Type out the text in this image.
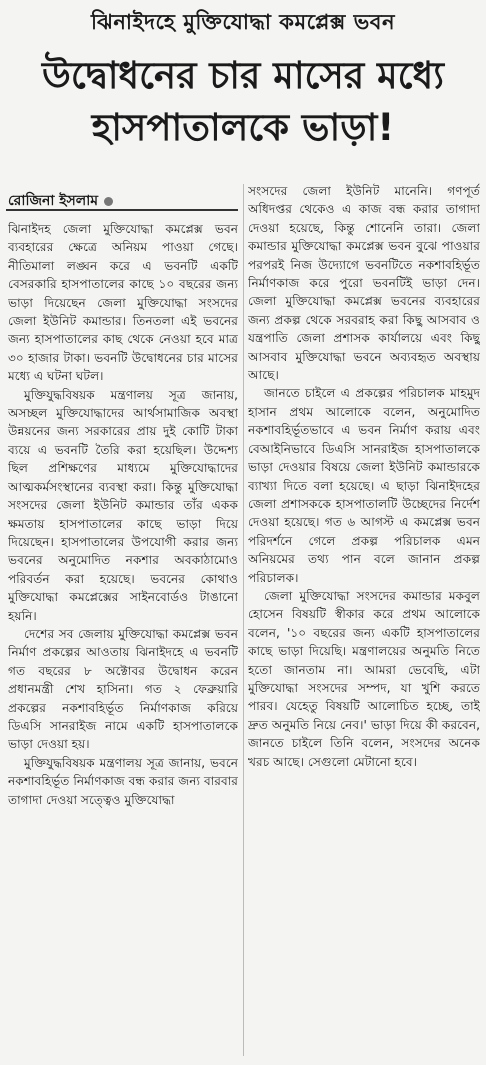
ঝিনাইদহে মুক্তিযোদ্ধা কমপ্লেক্স ভবন
উদ্বোধনের চার মাসের মধ্যে
হাসপাতালকে ভাড়া!
রোজিনা ইসলাম

ঝিনাইদহ জেলা মুক্তিযোদ্ধা কমপ্লেক্স ভবন ব্যবহারের ক্ষেত্রে অনিয়ম পাওয়া গেছে। নীতিমালা লঙ্ঘন করে এ ভবনটি একটি বেসরকারি হাসপাতালের কাছে ১০ বছরের জন্য ভাড়া দিয়েছেন জেলা মুক্তিযোদ্ধা সংসদের জেলা ইউনিট কমান্ডার। তিনতলা এই ভবনের জন্য হাসপাতালের কাছ থেকে নেওয়া হবে মাত্র ৩০ হাজার টাকা। ভবনটি উদ্বোধনের চার মাসের মধ্যে এ ঘটনা ঘটল।

মুক্তিযুদ্ধবিষয়ক মন্ত্রণালয় সূত্র জানায়, অসচ্ছল মুক্তিযোদ্ধাদের আর্থসামাজিক অবস্থা উন্নয়নের জন্য সরকারের প্রায় দুই কোটি টাকা ব্যয়ে এ ভবনটি তৈরি করা হয়েছিল। উদ্দেশ্য ছিল প্রশিক্ষণের মাধ্যমে মুক্তিযোদ্ধাদের আত্মকর্মসংস্থানের ব্যবস্থা করা। কিন্তু মুক্তিযোদ্ধা সংসদের জেলা ইউনিট কমান্ডার তাঁর একক ক্ষমতায় হাসপাতালের কাছে ভাড়া দিয়ে দিয়েছেন। হাসপাতালের উপযোগী করার জন্য ভবনের অনুমোদিত নকশার অবকাঠামোও পরিবর্তন করা হয়েছে। ভবনের কোথাও মুক্তিযোদ্ধা কমপ্লেক্সের সাইনবোর্ডও টাঙানো হয়নি।

দেশের সব জেলায় মুক্তিযোদ্ধা কমপ্লেক্স ভবন নির্মাণ প্রকল্পের আওতায় ঝিনাইদহে এ ভবনটি গত বছরের ৮ অক্টোবর উদ্বোধন করেন প্রধানমন্ত্রী শেখ হাসিনা। গত ২ ফেব্রুয়ারি প্রকল্পের নকশাবহির্ভূত নির্মাণকাজ করিয়ে ডিএসি সানরাইজ নামে একটি হাসপাতালকে ভাড়া দেওয়া হয়।

মুক্তিযুদ্ধবিষয়ক মন্ত্রণালয় সূত্র জানায়, ভবনে নকশাবহির্ভূত নির্মাণকাজ বন্ধ করার জন্য বারবার তাগাদা দেওয়া সত্ত্বেও মুক্তিযোদ্ধা

সংসদের জেলা ইউনিট মানেনি। গণপূর্ত অধিদপ্তর থেকেও এ কাজ বন্ধ করার তাগাদা দেওয়া হয়েছে, কিন্তু শোনেনি তারা। জেলা কমান্ডার মুক্তিযোদ্ধা কমপ্লেক্স ভবন বুঝে পাওয়ার পরপরই নিজ উদ্যোগে ভবনটিতে নকশাবহির্ভূত নির্মাণকাজ করে পুরো ভবনটিই ভাড়া দেন। জেলা মুক্তিযোদ্ধা কমপ্লেক্স ভবনের ব্যবহারের জন্য প্রকল্প থেকে সরবরাহ করা কিছু আসবাব ও যন্ত্রপাতি জেলা প্রশাসক কার্যালয়ে এবং কিছু আসবাব মুক্তিযোদ্ধা ভবনে অব্যবহৃত অবস্থায় আছে।

জানতে চাইলে এ প্রকল্পের পরিচালক মাহমুদ হাসান প্রথম আলোকে বলেন, অনুমোদিত নকশাবহির্ভূতভাবে এ ভবন নির্মাণ করায় এবং বেআইনিভাবে ডিএসি সানরাইজ হাসপাতালকে ভাড়া দেওয়ার বিষয়ে জেলা ইউনিট কমান্ডারকে ব্যাখ্যা দিতে বলা হয়েছে। এ ছাড়া ঝিনাইদহের জেলা প্রশাসককে হাসপাতালটি উচ্ছেদের নির্দেশ দেওয়া হয়েছে। গত ৬ আগস্ট এ কমপ্লেক্স ভবন পরিদর্শনে গেলে প্রকল্প পরিচালক এমন অনিয়মের তথ্য পান বলে জানান প্রকল্প পরিচালক।

জেলা মুক্তিযোদ্ধা সংসদের কমান্ডার মকবুল হোসেন বিষয়টি স্বীকার করে প্রথম আলোকে বলেন, '১০ বছরের জন্য একটি হাসপাতালের কাছে ভাড়া দিয়েছি। মন্ত্রণালয়ের অনুমতি নিতে হতো জানতাম না। আমরা ভেবেছি, এটা মুক্তিযোদ্ধা সংসদের সম্পদ, যা খুশি করতে পারব। যেহেতু বিষয়টি আলোচিত হচ্ছে, তাই দ্রুত অনুমতি নিয়ে নেব।' ভাড়া দিয়ে কী করবেন, জানতে চাইলে তিনি বলেন, সংসদের অনেক খরচ আছে। সেগুলো মেটানো হবে।
